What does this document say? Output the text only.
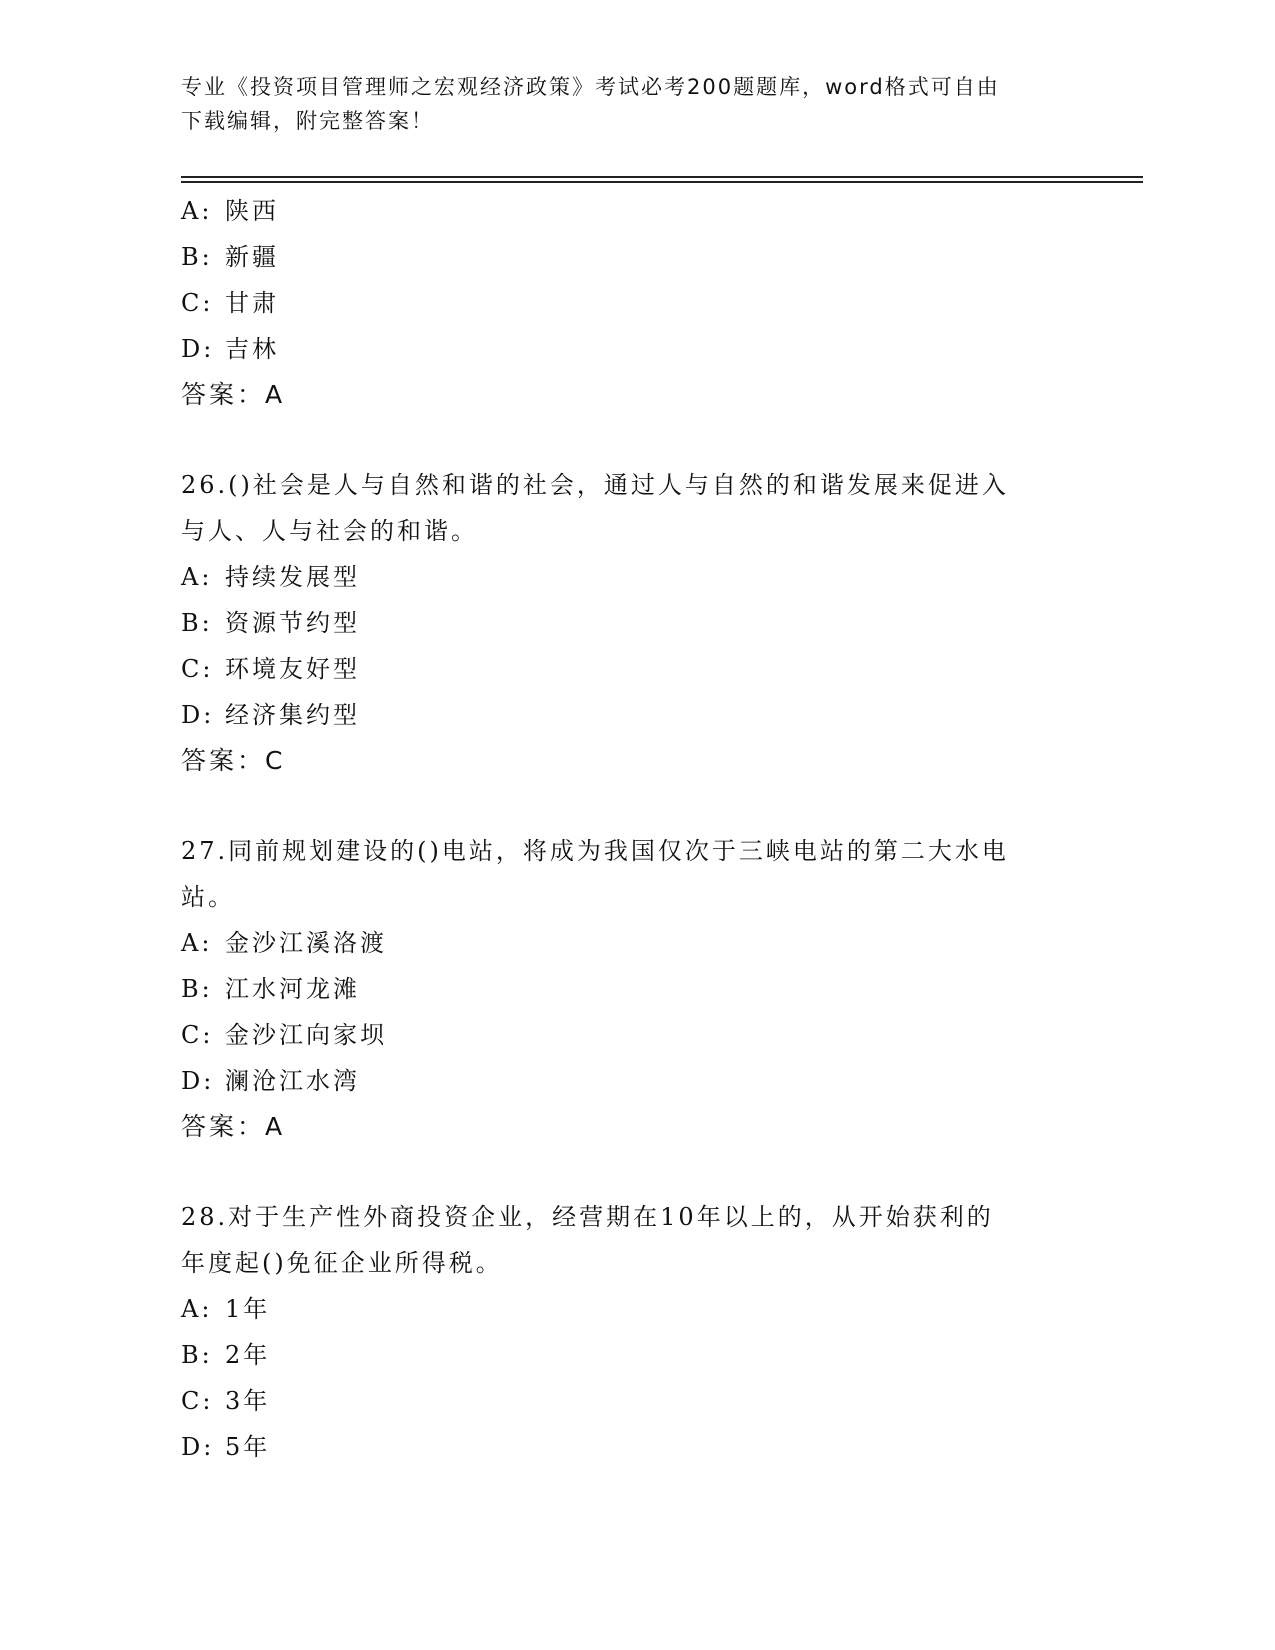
专业《投资项目管理师之宏观经济政策》考试必考200题题库，word格式可自由
下载编辑，附完整答案！
A: 陕西
B: 新疆
C: 甘肃
D: 吉林
答案：A
26.()社会是人与自然和谐的社会，通过人与自然的和谐发展来促进入
与人、人与社会的和谐。
A: 持续发展型
B: 资源节约型
C: 环境友好型
D: 经济集约型
答案：C
27.同前规划建设的()电站，将成为我国仅次于三峡电站的第二大水电
站。
A: 金沙江溪洛渡
B: 江水河龙滩
C: 金沙江向家坝
D: 澜沧江水湾
答案：A
28.对于生产性外商投资企业，经营期在10年以上的，从开始获利的
年度起()免征企业所得税。
A: 1年
B: 2年
C: 3年
D: 5年
